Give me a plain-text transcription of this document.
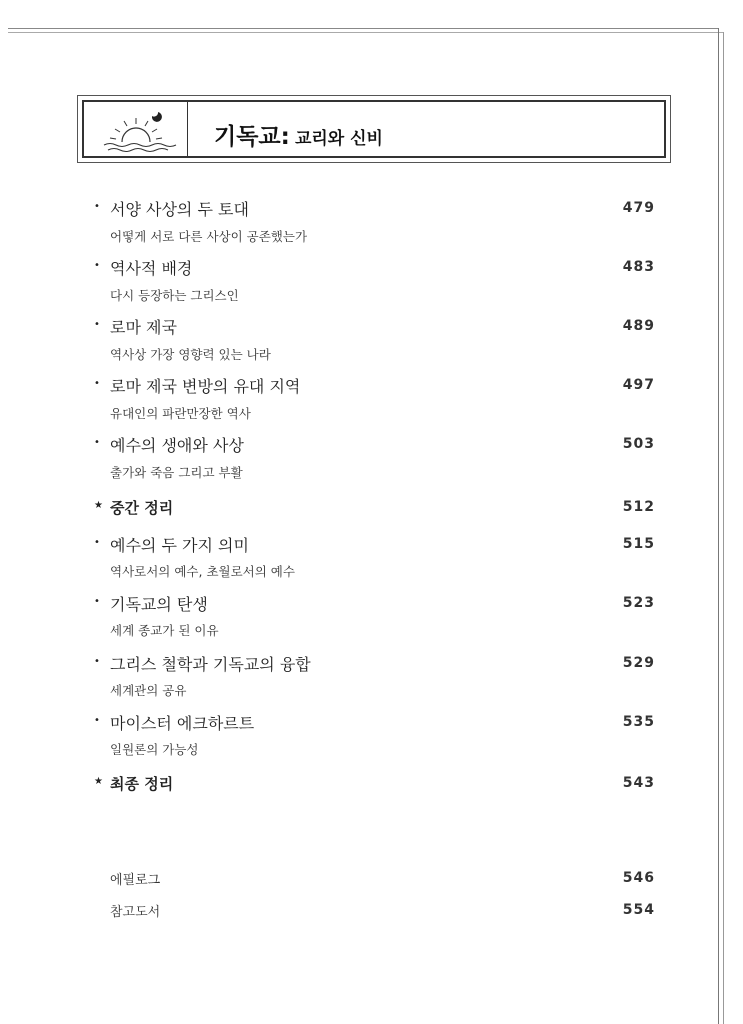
기독교: 교리와 신비
• 서양 사상의 두 토대	479
어떻게 서로 다른 사상이 공존했는가
• 역사적 배경	483
다시 등장하는 그리스인
• 로마 제국	489
역사상 가장 영향력 있는 나라
• 로마 제국 변방의 유대 지역	497
유대인의 파란만장한 역사
• 예수의 생애와 사상	503
출가와 죽음 그리고 부활
★ 중간 정리	512
• 예수의 두 가지 의미	515
역사로서의 예수, 초월로서의 예수
• 기독교의 탄생	523
세계 종교가 된 이유
• 그리스 철학과 기독교의 융합	529
세계관의 공유
• 마이스터 에크하르트	535
일원론의 가능성
★ 최종 정리	543
에필로그	546
참고도서	554
